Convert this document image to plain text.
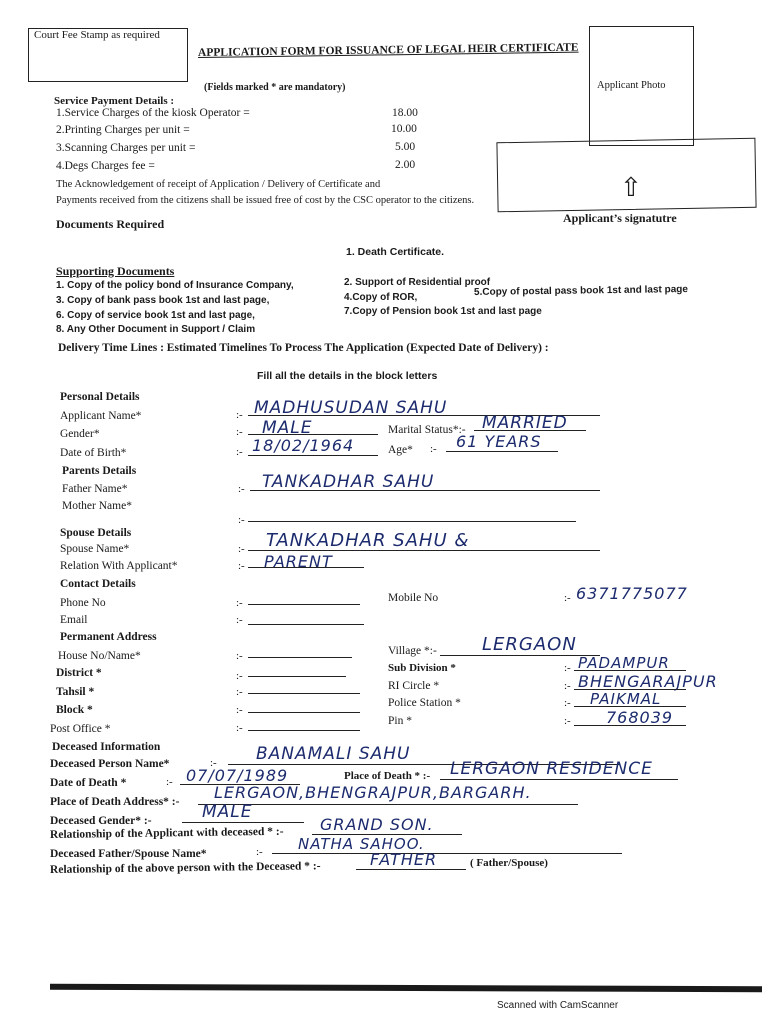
Court Fee Stamp as required
APPLICATION FORM FOR ISSUANCE OF LEGAL HEIR CERTIFICATE
(Fields marked * are mandatory)	Applicant Photo
⇧
Applicant’s signatutre
Service Payment Details :
1.Service Charges of the kiosk Operator =	18.00
2.Printing Charges per unit =	10.00
3.Scanning Charges per unit =	5.00
4.Degs Charges fee =	2.00
The Acknowledgement of receipt of Application / Delivery of Certificate and
Payments received from the citizens shall be issued free of cost by the CSC operator to the citizens.
Documents Required
1. Death Certificate.
Supporting Documents
1. Copy of the policy bond of Insurance Company,	2. Support of Residential proof
3. Copy of bank pass book 1st and last page,	4.Copy of ROR,	5.Copy of postal pass book 1st and last page
6. Copy of service book 1st and last page,	7.Copy of Pension book 1st and last page
8. Any Other Document in Support / Claim
Delivery Time Lines : Estimated Timelines To Process The Application (Expected Date of Delivery) :
Fill all the details in the block letters
Personal Details
Applicant Name*	:- MADHUSUDAN SAHU
Gender*	:- MALE	Marital Status*:- MARRIED
Date of Birth*	:- 18/02/1964	Age* :- 61 YEARS
Parents Details
Father Name*	:- TANKADHAR SAHU
Mother Name*
:-
Spouse Details
Spouse Name*	:- TANKADHAR SAHU &
Relation With Applicant*	:- PARENT
Contact Details
Phone No	:-	Mobile No	:- 6371775077
Email	:-
Permanent Address
House No/Name*	:-	Village *:-	LERGAON
District *	:-
Sub Division *	:- PADAMPUR
Tahsil *	:-	RI Circle *	:- BHENGARAJPUR
Block *	:-
Police Station *	:- PAIKMAL
Post Office *	:-
Pin *	:- 768039
Deceased Information
Deceased Person Name*	:- BANAMALI SAHU
Date of Death *	:- 07/07/1989	Place of Death * :- LERGAON RESIDENCE
Place of Death Address* :- LERGAON,BHENGRAJPUR,BARGARH.
Deceased Gender* :-	MALE
Relationship of the Applicant with deceased * :- GRAND SON.
Deceased Father/Spouse Name*	:- NATHA SAHOO.
Relationship of the above person with the Deceased * :-	FATHER	( Father/Spouse)
Scanned with CamScanner
